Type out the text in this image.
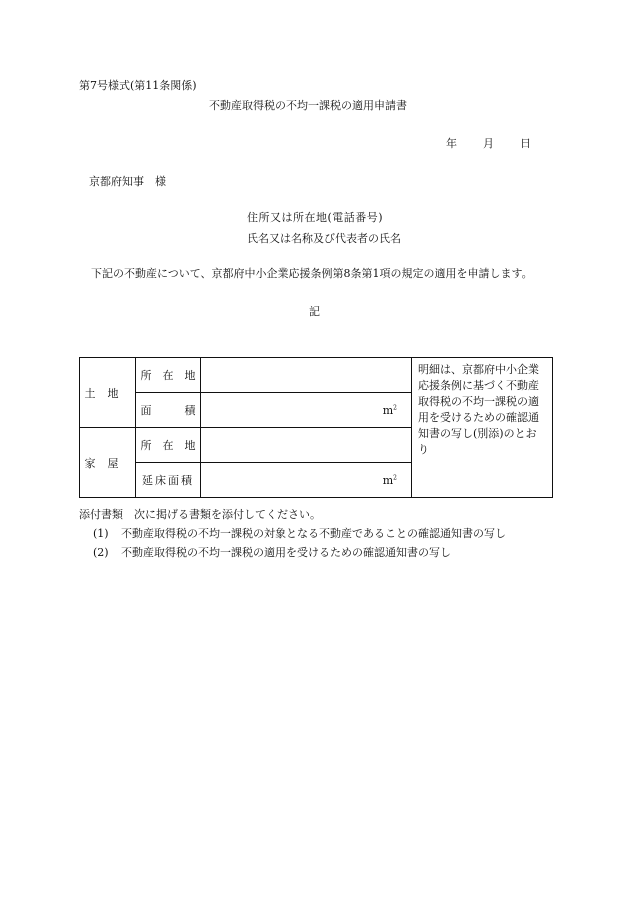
第7号様式(第11条関係)
不動産取得税の不均一課税の適用申請書
年 月 日
京都府知事　様
住所又は所在地(電話番号)
氏名又は名称及び代表者の氏名
下記の不動産について、京都府中小企業応援条例第8条第1項の規定の適用を申請します。
記
土地	所　在　地		明細は、京都府中小企業応援条例に基づく不動産取得税の不均一課税の適用を受けるための確認通知書の写し(別添)のとおり
	面　　　積	$m^2$
家屋	所　在　地		
	延床面積	$m^2$
添付書類　次に掲げる書類を添付してください。
(1) 不動産取得税の不均一課税の対象となる不動産であることの確認通知書の写し
(2) 不動産取得税の不均一課税の適用を受けるための確認通知書の写し
